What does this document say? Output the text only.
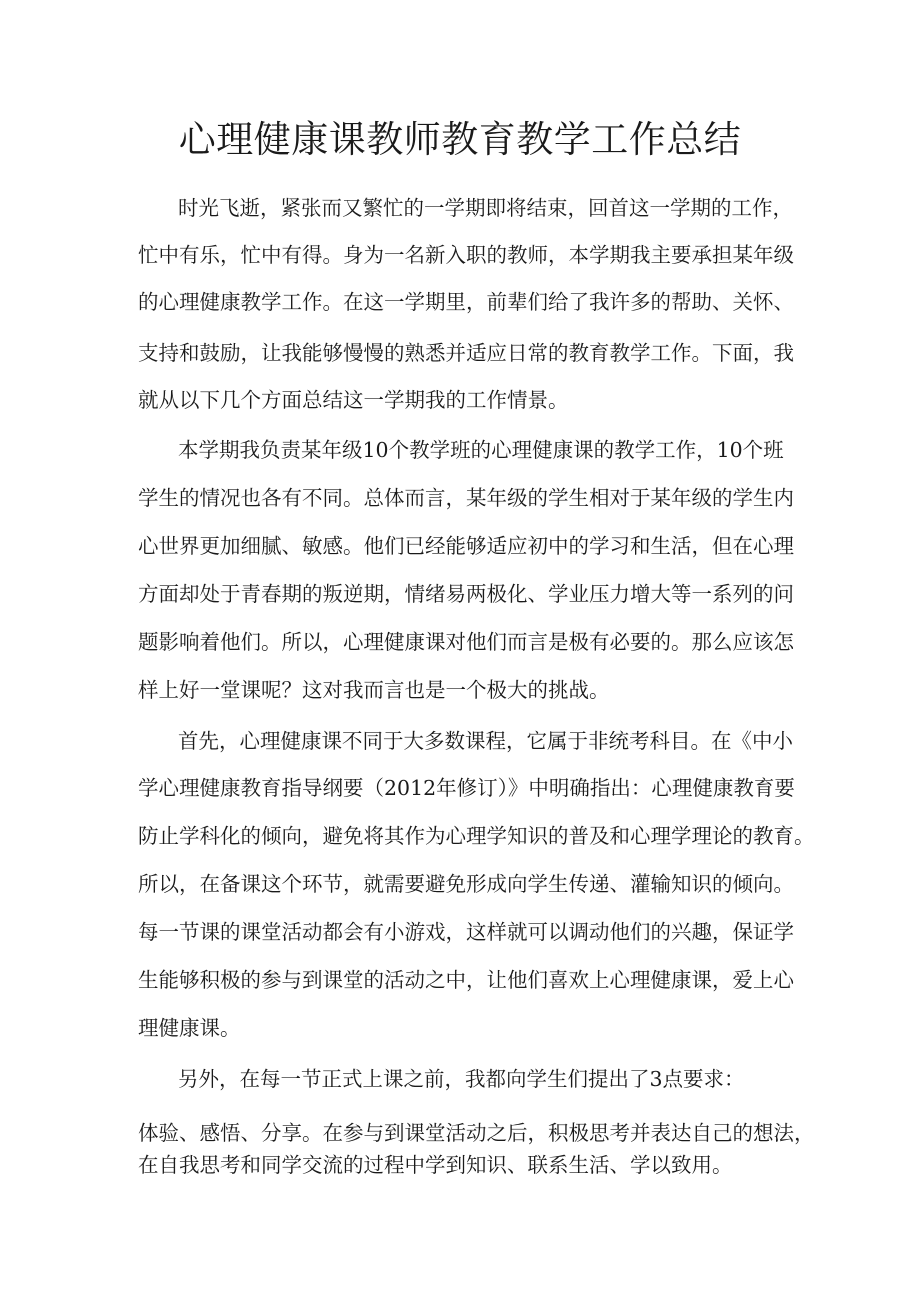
心理健康课教师教育教学工作总结

时光飞逝，紧张而又繁忙的一学期即将结束，回首这一学期的工作，

忙中有乐，忙中有得。身为一名新入职的教师，本学期我主要承担某年级

的心理健康教学工作。在这一学期里，前辈们给了我许多的帮助、关怀、

支持和鼓励，让我能够慢慢的熟悉并适应日常的教育教学工作。下面，我

就从以下几个方面总结这一学期我的工作情景。

本学期我负责某年级10个教学班的心理健康课的教学工作，10个班

学生的情况也各有不同。总体而言，某年级的学生相对于某年级的学生内

心世界更加细腻、敏感。他们已经能够适应初中的学习和生活，但在心理

方面却处于青春期的叛逆期，情绪易两极化、学业压力增大等一系列的问

题影响着他们。所以，心理健康课对他们而言是极有必要的。那么应该怎

样上好一堂课呢？这对我而言也是一个极大的挑战。

首先，心理健康课不同于大多数课程，它属于非统考科目。在《中小

学心理健康教育指导纲要（2012年修订）》中明确指出：心理健康教育要

防止学科化的倾向，避免将其作为心理学知识的普及和心理学理论的教育。

所以，在备课这个环节，就需要避免形成向学生传递、灌输知识的倾向。

每一节课的课堂活动都会有小游戏，这样就可以调动他们的兴趣，保证学

生能够积极的参与到课堂的活动之中，让他们喜欢上心理健康课，爱上心

理健康课。

另外，在每一节正式上课之前，我都向学生们提出了3点要求：

体验、感悟、分享。在参与到课堂活动之后，积极思考并表达自己的想法，

在自我思考和同学交流的过程中学到知识、联系生活、学以致用。
